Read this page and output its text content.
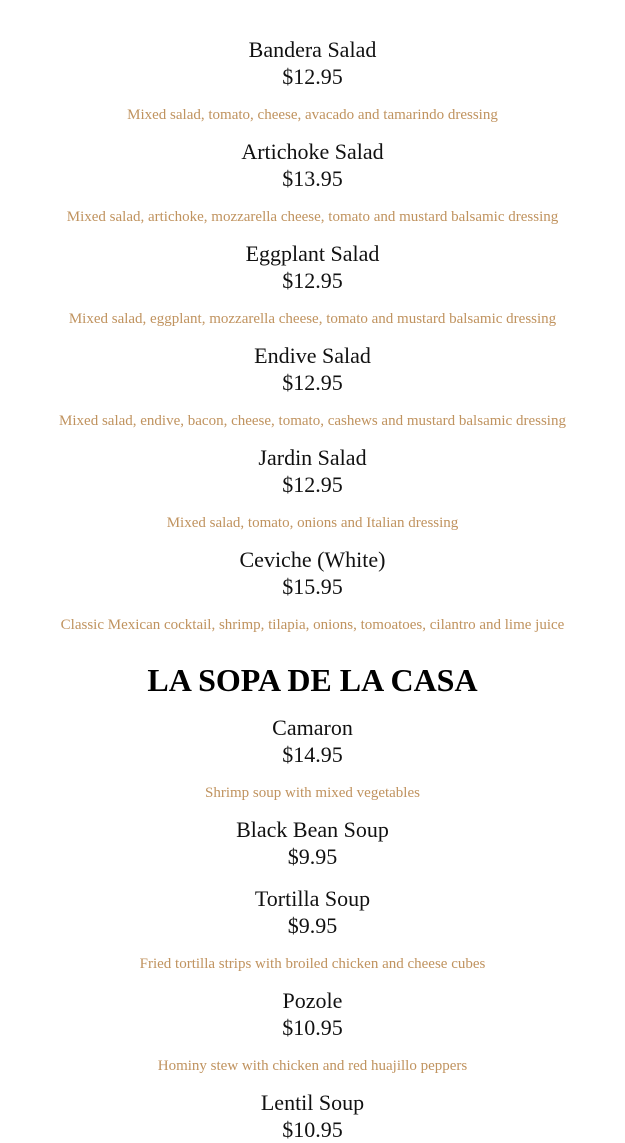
Bandera Salad
$12.95
Mixed salad, tomato, cheese, avacado and tamarindo dressing
Artichoke Salad
$13.95
Mixed salad, artichoke, mozzarella cheese, tomato and mustard balsamic dressing
Eggplant Salad
$12.95
Mixed salad, eggplant, mozzarella cheese, tomato and mustard balsamic dressing
Endive Salad
$12.95
Mixed salad, endive, bacon, cheese, tomato, cashews and mustard balsamic dressing
Jardin Salad
$12.95
Mixed salad, tomato, onions and Italian dressing
Ceviche (White)
$15.95
Classic Mexican cocktail, shrimp, tilapia, onions, tomoatoes, cilantro and lime juice
LA SOPA DE LA CASA
Camaron
$14.95
Shrimp soup with mixed vegetables
Black Bean Soup
$9.95
Tortilla Soup
$9.95
Fried tortilla strips with broiled chicken and cheese cubes
Pozole
$10.95
Hominy stew with chicken and red huajillo peppers
Lentil Soup
$10.95
